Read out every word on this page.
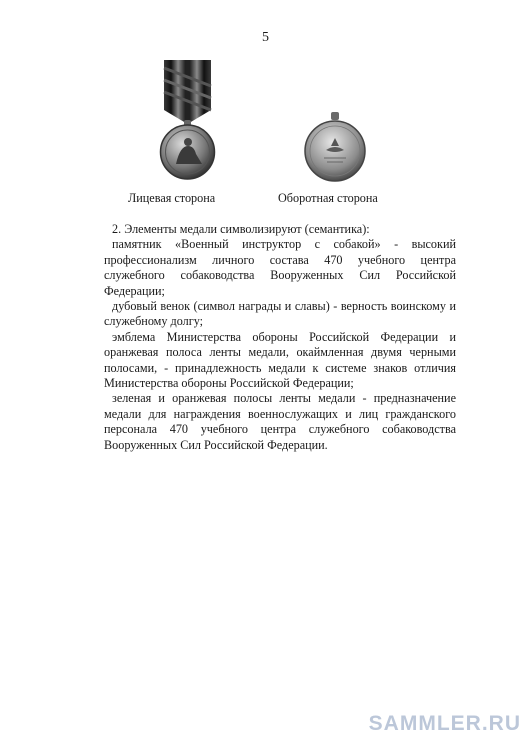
5
Лицевая сторона	Оборотная сторона

2. Элементы медали символизируют (семантика):

памятник «Военный инструктор с собакой» - высокий профессионализм личного состава 470 учебного центра служебного собаководства Вооруженных Сил Российской Федерации;

дубовый венок (символ награды и славы) - верность воинскому и служебному долгу;

эмблема Министерства обороны Российской Федерации и оранжевая полоса ленты медали, окаймленная двумя черными полосами, - принадлежность медали к системе знаков отличия Министерства обороны Российской Федерации;

зеленая и оранжевая полосы ленты медали - предназначение медали для награждения военнослужащих и лиц гражданского персонала 470 учебного центра служебного собаководства Вооруженных Сил Российской Федерации.

SAMMLER.RU
